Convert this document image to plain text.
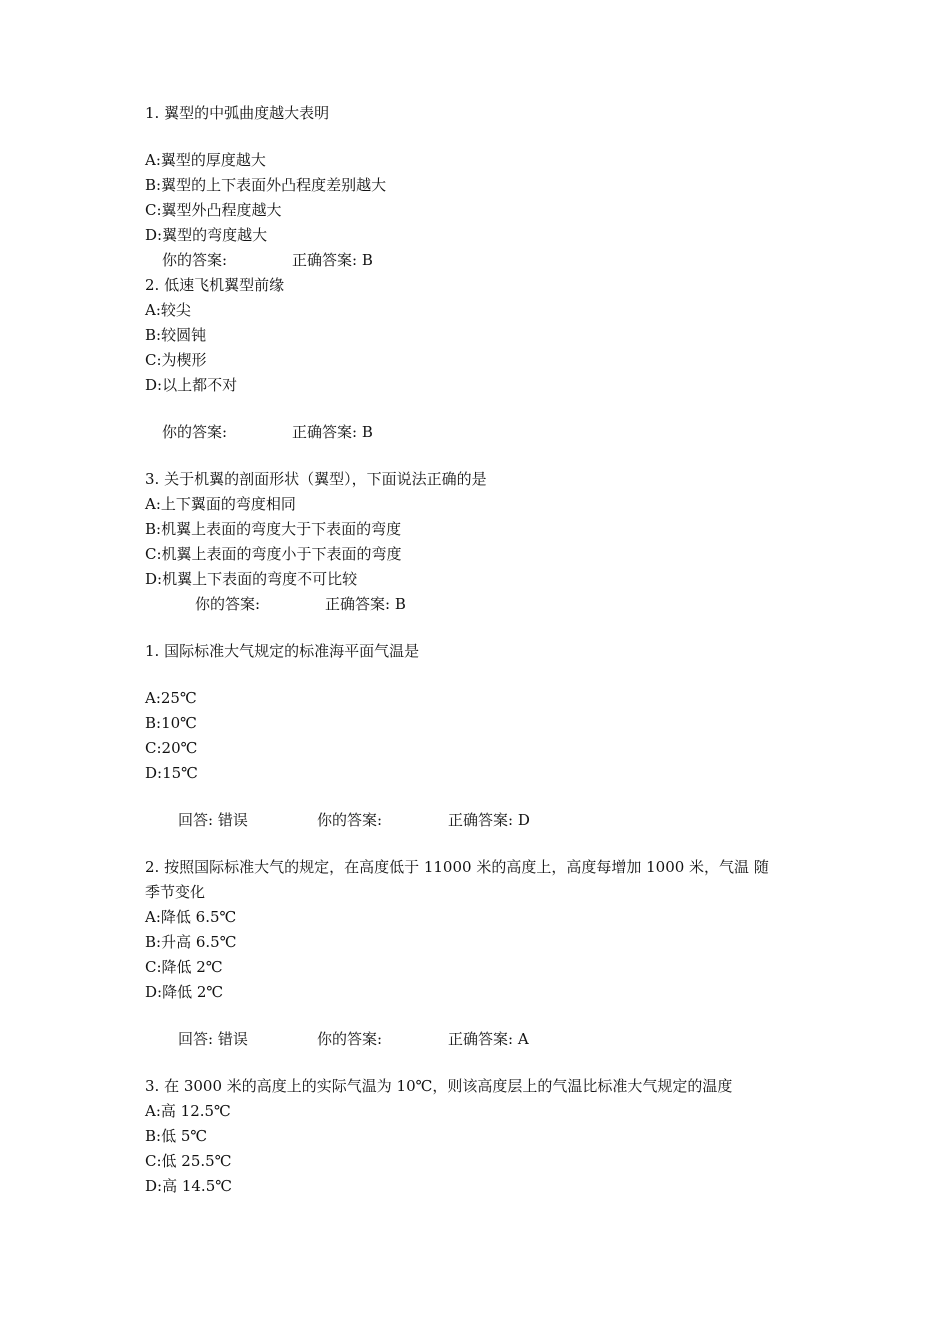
1. 翼型的中弧曲度越大表明
A:翼型的厚度越大
B:翼型的上下表面外凸程度差别越大
C:翼型外凸程度越大
D:翼型的弯度越大
你的答案:	正确答案: B
2. 低速飞机翼型前缘
A:较尖
B:较圆钝
C:为楔形
D:以上都不对
你的答案:	正确答案: B
3. 关于机翼的剖面形状（翼型），下面说法正确的是
A:上下翼面的弯度相同
B:机翼上表面的弯度大于下表面的弯度
C:机翼上表面的弯度小于下表面的弯度
D:机翼上下表面的弯度不可比较
你的答案:	正确答案: B
1. 国际标准大气规定的标准海平面气温是
A:25℃
B:10℃
C:20℃
D:15℃
回答: 错误	你的答案:	正确答案: D
2. 按照国际标准大气的规定，在高度低于 11000 米的高度上，高度每增加 1000 米，气温 随
季节变化
A:降低 6.5℃
B:升高 6.5℃
C:降低 2℃
D:降低 2℃
回答: 错误	你的答案:	正确答案: A
3. 在 3000 米的高度上的实际气温为 10℃，则该高度层上的气温比标准大气规定的温度
A:高 12.5℃
B:低 5℃
C:低 25.5℃
D:高 14.5℃
